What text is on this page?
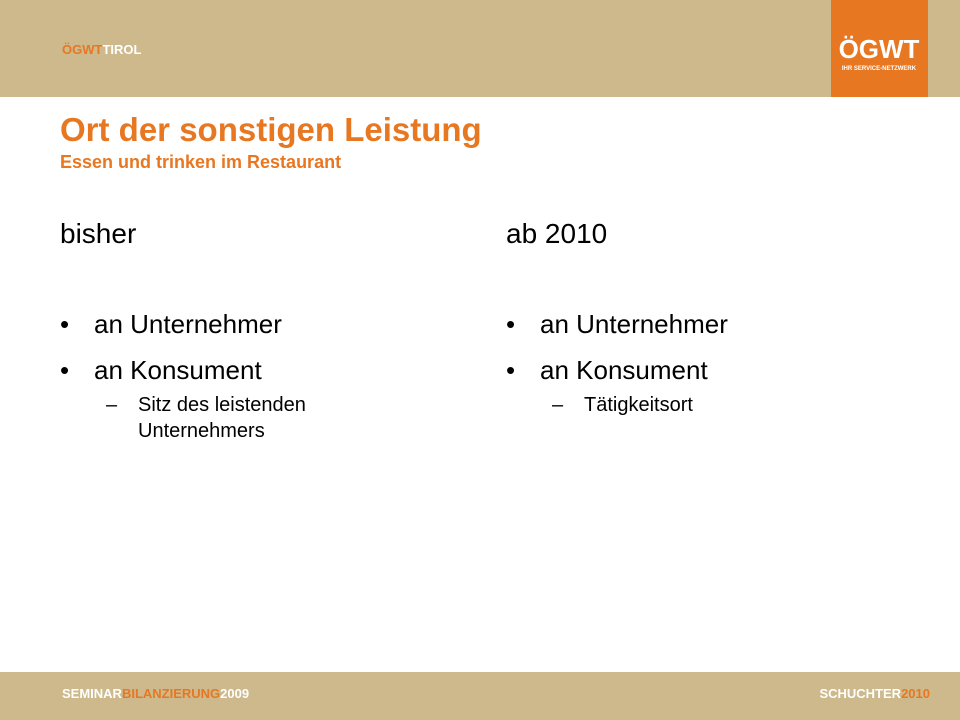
ÖGWTTIROL	ÖGWT
IHR SERVICE-NETZWERK

Ort der sonstigen Leistung

Essen und trinken im Restaurant

bisher

• an Unternehmer
• an Konsument
– Sitz des leistenden
Unternehmers

ab 2010

• an Unternehmer
• an Konsument
– Tätigkeitsort
SEMINARBILANZIERUNG2009	SCHUCHTER2010
